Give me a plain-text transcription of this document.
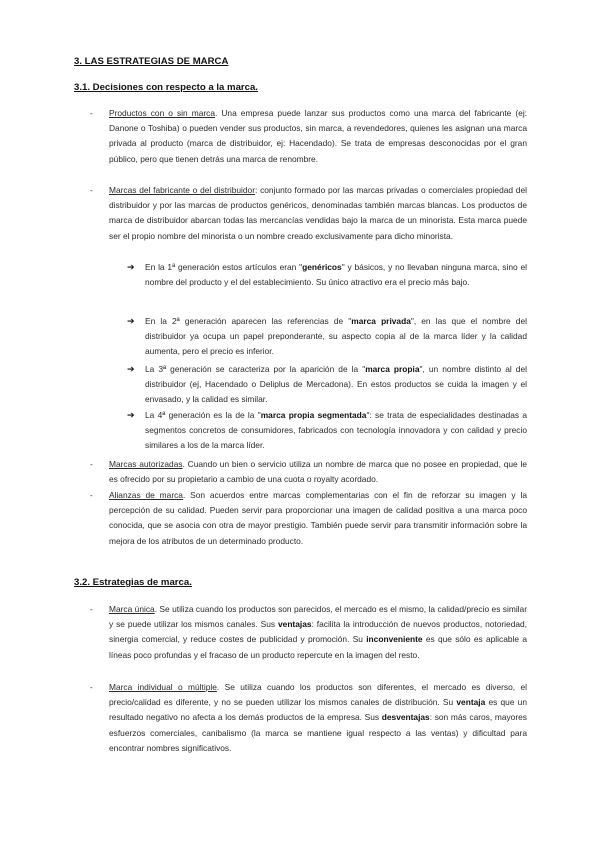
3. LAS ESTRATEGIAS DE MARCA
3.1. Decisiones con respecto a la marca.
- Productos con o sin marca. Una empresa puede lanzar sus productos como una marca del fabricante (ej: Danone o Toshiba) o pueden vender sus productos, sin marca, a revendedores, quienes les asignan una marca privada al producto (marca de distribuidor, ej: Hacendado). Se trata de empresas desconocidas por el gran público, pero que tienen detrás una marca de renombre.
- Marcas del fabricante o del distribuidor: conjunto formado por las marcas privadas o comerciales propiedad del distribuidor y por las marcas de productos genéricos, denominadas también marcas blancas. Los productos de marca de distribuidor abarcan todas las mercancías vendidas bajo la marca de un minorista. Esta marca puede ser el propio nombre del minorista o un nombre creado exclusivamente para dicho minorista.
➔ En la 1ª generación estos artículos eran "genéricos" y básicos, y no llevaban ninguna marca, sino el nombre del producto y el del establecimiento. Su único atractivo era el precio más bajo.
➔ En la 2ª generación aparecen las referencias de "marca privada", en las que el nombre del distribuidor ya ocupa un papel preponderante, su aspecto copia al de la marca líder y la calidad aumenta, pero el precio es inferior.
➔ La 3ª generación se caracteriza por la aparición de la "marca propia", un nombre distinto al del distribuidor (ej, Hacendado o Deliplus de Mercadona). En estos productos se cuida la imagen y el envasado, y la calidad es similar.
➔ La 4ª generación es la de la "marca propia segmentada": se trata de especialidades destinadas a segmentos concretos de consumidores, fabricados con tecnología innovadora y con calidad y precio similares a los de la marca líder.
- Marcas autorizadas. Cuando un bien o servicio utiliza un nombre de marca que no posee en propiedad, que le es ofrecido por su propietario a cambio de una cuota o royalty acordado.
- Alianzas de marca. Son acuerdos entre marcas complementarias con el fin de reforzar su imagen y la percepción de su calidad. Pueden servir para proporcionar una imagen de calidad positiva a una marca poco conocida, que se asocia con otra de mayor prestigio. También puede servir para transmitir información sobre la mejora de los atributos de un determinado producto.
3.2. Estrategias de marca.
- Marca única. Se utiliza cuando los productos son parecidos, el mercado es el mismo, la calidad/precio es similar y se puede utilizar los mismos canales. Sus ventajas: facilita la introducción de nuevos productos, notoriedad, sinergia comercial, y reduce costes de publicidad y promoción. Su inconveniente es que sólo es aplicable a líneas poco profundas y el fracaso de un producto repercute en la imagen del resto.
- Marca individual o múltiple. Se utiliza cuando los productos son diferentes, el mercado es diverso, el precio/calidad es diferente, y no se pueden utilizar los mismos canales de distribución. Su ventaja es que un resultado negativo no afecta a los demás productos de la empresa. Sus desventajas: son más caros, mayores esfuerzos comerciales, canibalismo (la marca se mantiene igual respecto a las ventas) y dificultad para encontrar nombres significativos.
